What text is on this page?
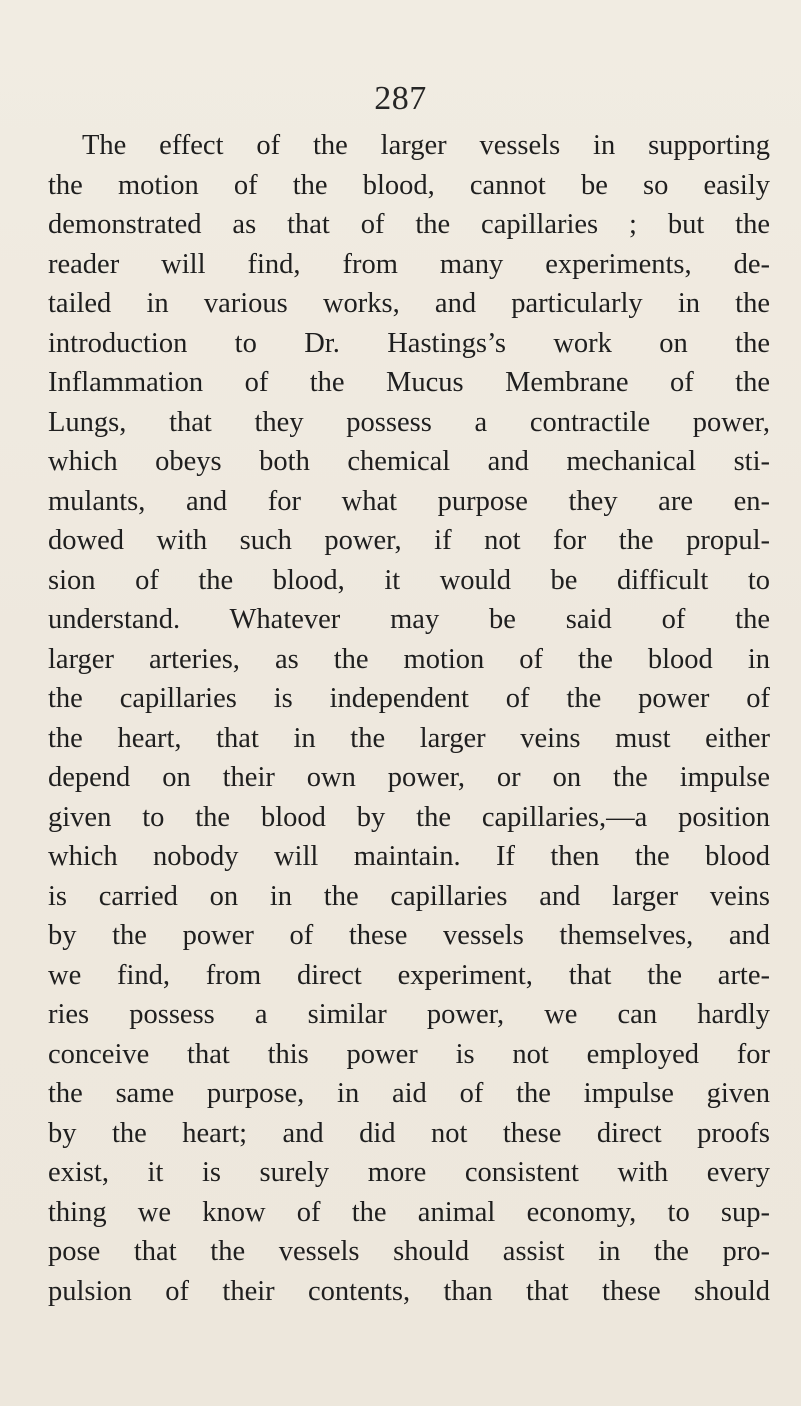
287
The effect of the larger vessels in supporting
the motion of the blood, cannot be so easily
demonstrated as that of the capillaries ; but the
reader will find, from many experiments, de-
tailed in various works, and particularly in the
introduction to Dr. Hastings’s work on the
Inflammation of the Mucus Membrane of the
Lungs, that they possess a contractile power,
which obeys both chemical and mechanical sti-
mulants, and for what purpose they are en-
dowed with such power, if not for the propul-
sion of the blood, it would be difficult to
understand. Whatever may be said of the
larger arteries, as the motion of the blood in
the capillaries is independent of the power of
the heart, that in the larger veins must either
depend on their own power, or on the impulse
given to the blood by the capillaries,—a position
which nobody will maintain. If then the blood
is carried on in the capillaries and larger veins
by the power of these vessels themselves, and
we find, from direct experiment, that the arte-
ries possess a similar power, we can hardly
conceive that this power is not employed for
the same purpose, in aid of the impulse given
by the heart; and did not these direct proofs
exist, it is surely more consistent with every
thing we know of the animal economy, to sup-
pose that the vessels should assist in the pro-
pulsion of their contents, than that these should
